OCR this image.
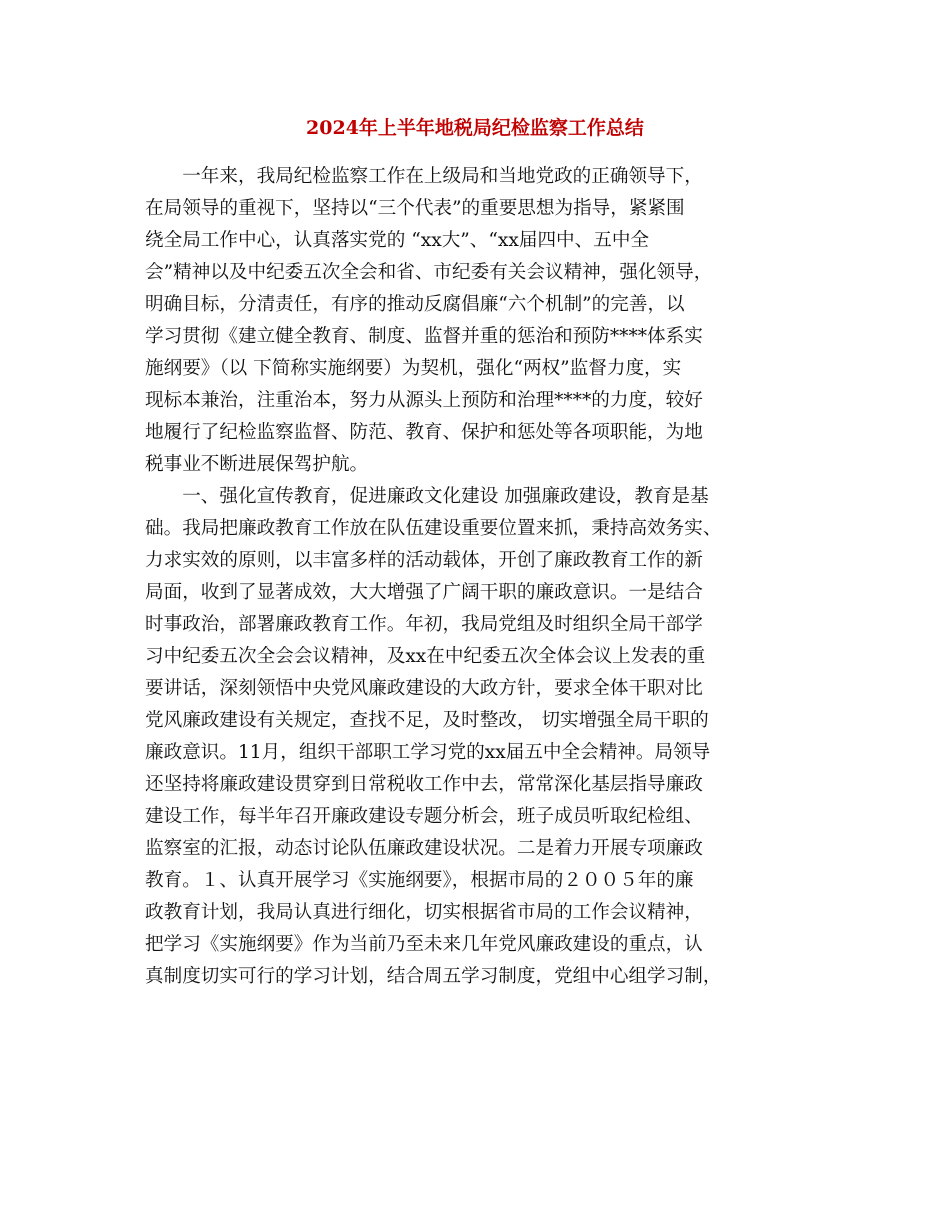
2024年上半年地税局纪检监察工作总结
　　一年来，我局纪检监察工作在上级局和当地党政的正确领导下，
在局领导的重视下，坚持以“三个代表”的重要思想为指导，紧紧围
绕全局工作中心，认真落实党的 “xx大”、“xx届四中、五中全
会”精神以及中纪委五次全会和省、市纪委有关会议精神，强化领导，
明确目标，分清责任，有序的推动反腐倡廉“六个机制”的完善，以
学习贯彻《建立健全教育、制度、监督并重的惩治和预防****体系实
施纲要》（以 下简称实施纲要）为契机，强化“两权”监督力度，实
现标本兼治，注重治本，努力从源头上预防和治理****的力度，较好
地履行了纪检监察监督、防范、教育、保护和惩处等各项职能，为地
税事业不断进展保驾护航。
　　一、强化宣传教育，促进廉政文化建设 加强廉政建设，教育是基
础。我局把廉政教育工作放在队伍建设重要位置来抓，秉持高效务实、
力求实效的原则，以丰富多样的活动载体，开创了廉政教育工作的新
局面，收到了显著成效，大大增强了广阔干职的廉政意识。一是结合
时事政治，部署廉政教育工作。年初，我局党组及时组织全局干部学
习中纪委五次全会会议精神，及xx在中纪委五次全体会议上发表的重
要讲话，深刻领悟中央党风廉政建设的大政方针，要求全体干职对比
党风廉政建设有关规定，查找不足，及时整改， 切实增强全局干职的
廉政意识。11月，组织干部职工学习党的xx届五中全会精神。局领导
还坚持将廉政建设贯穿到日常税收工作中去，常常深化基层指导廉政
建设工作，每半年召开廉政建设专题分析会，班子成员听取纪检组、
监察室的汇报，动态讨论队伍廉政建设状况。二是着力开展专项廉政
教育。１、认真开展学习《实施纲要》，根据市局的２００５年的廉
政教育计划，我局认真进行细化，切实根据省市局的工作会议精神，
把学习《实施纲要》作为当前乃至未来几年党风廉政建设的重点，认
真制度切实可行的学习计划，结合周五学习制度，党组中心组学习制，
